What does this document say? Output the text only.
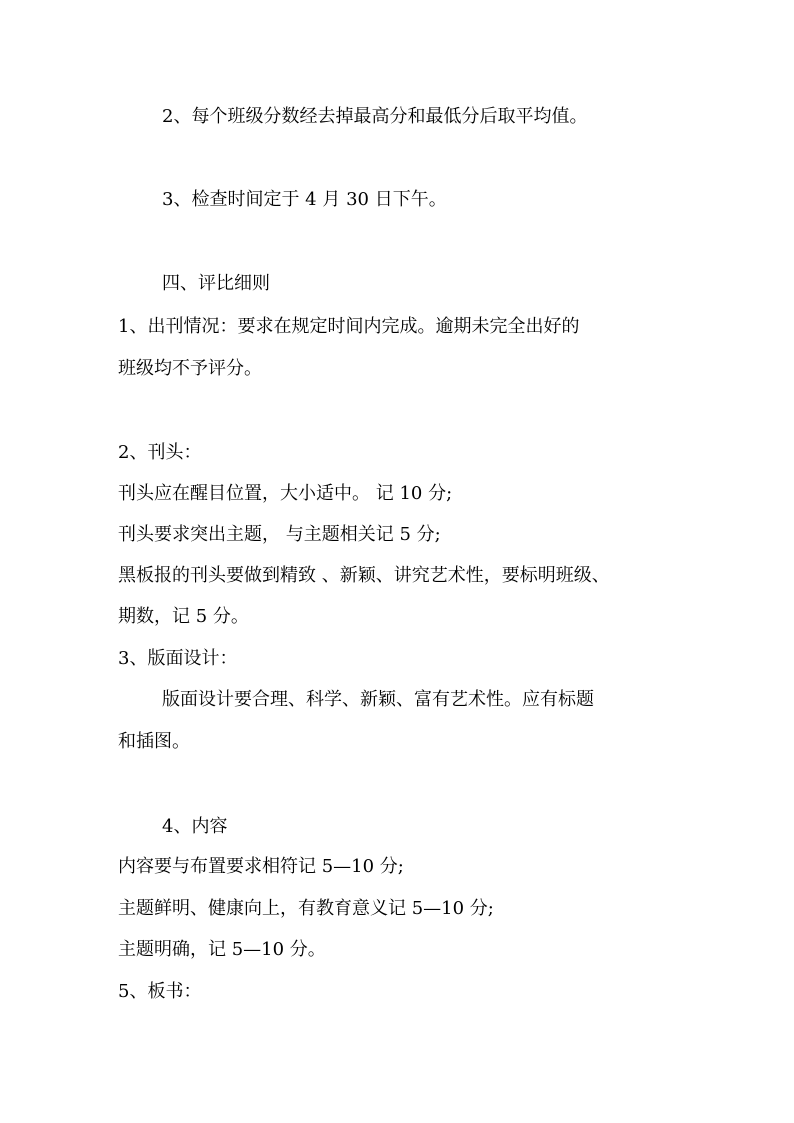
2、每个班级分数经去掉最高分和最低分后取平均值。
3、检查时间定于 4 月 30 日下午。
四、评比细则
1、出刊情况：要求在规定时间内完成。逾期未完全出好的
班级均不予评分。
2、刊头：
刊头应在醒目位置，大小适中。 记 10 分;
刊头要求突出主题， 与主题相关记 5 分;
黑板报的刊头要做到精致 、新颖、讲究艺术性，要标明班级、
期数，记 5 分。
3、版面设计：
版面设计要合理、科学、新颖、富有艺术性。应有标题
和插图。
4、内容
内容要与布置要求相符记 5—10 分;
主题鲜明、健康向上，有教育意义记 5—10 分;
主题明确，记 5—10 分。
5、板书：
